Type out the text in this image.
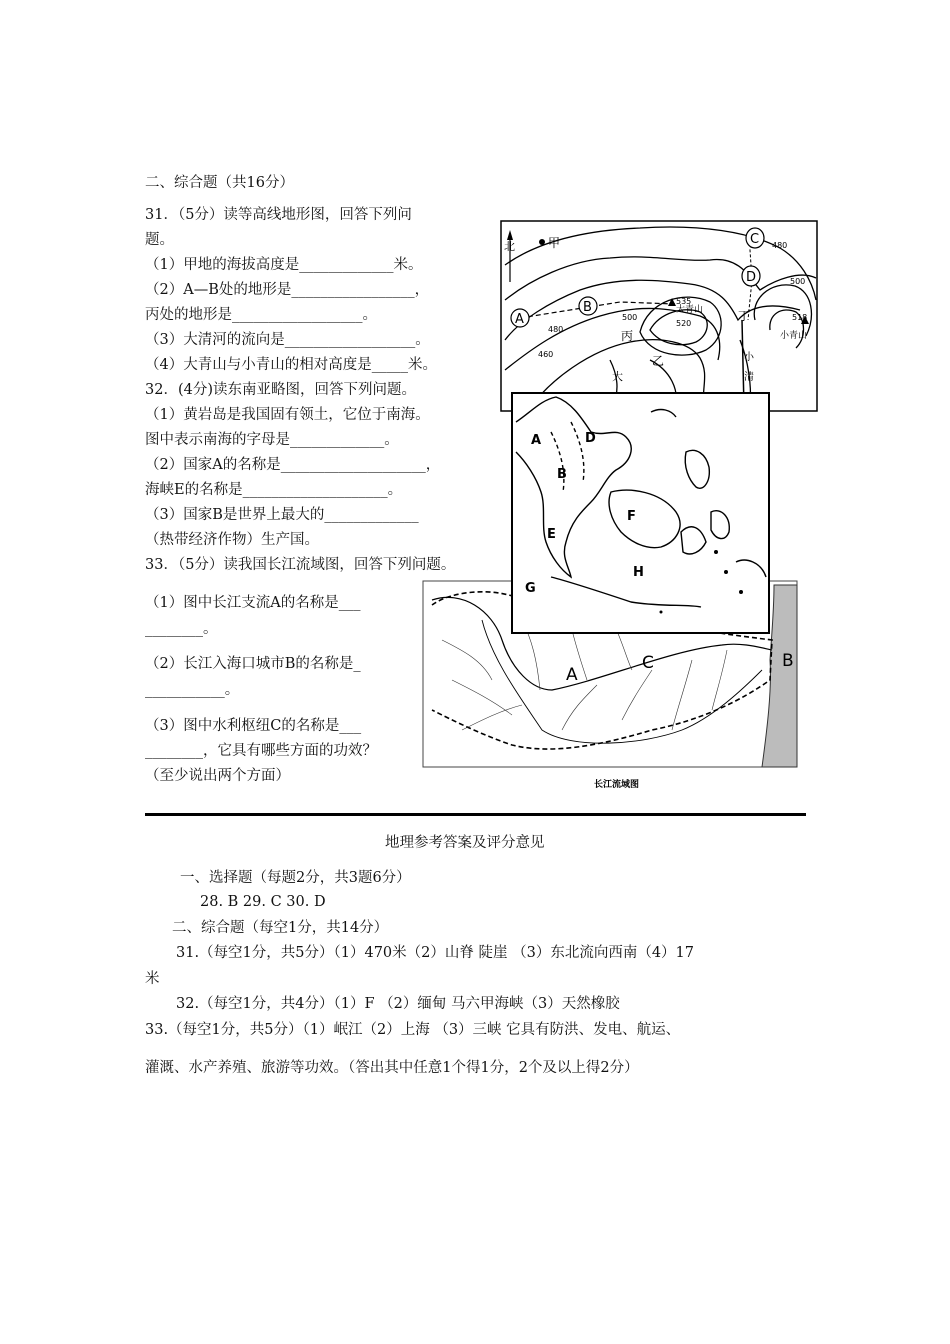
二、综合题（共16分）
31．（5分）读等高线地形图，回答下列问
题。
（1）甲地的海拔高度是_____________米。
（2）A—B处的地形是_________________，
丙处的地形是__________________。
（3）大清河的流向是__________________。
（4）大青山与小青山的相对高度是_____米。
32．(4分)读东南亚略图，回答下列问题。
（1）黄岩岛是我国固有领土，它位于南海。
图中表示南海的字母是_____________。
（2）国家A的名称是____________________，
海峡E的名称是____________________。
（3）国家B是世界上最大的_____________
（热带经济作物）生产国。
33．（5分）读我国长江流域图，回答下列问题。
（1）图中长江支流A的名称是___
________。
（2）长江入海口城市B的名称是_
___________。
（3）图中水利枢纽C的名称是___
________，它具有哪些方面的功效？
（至少说出两个方面）
北	甲
A
B
C
D
丙
乙
丁
大
小
清
大青山
小青山
535
520
500
500
480
480
460
518
A
C	B
长江流域图
A	D
B
E
F
H
G
地理参考答案及评分意见
一、选择题（每题2分，共3题6分）
28. B 29. C 30. D
二、综合题（每空1分，共14分）
31.（每空1分，共5分）（1）470米（2）山脊 陡崖 （3）东北流向西南（4）17
米
32.（每空1分，共4分）（1）F （2）缅甸 马六甲海峡（3）天然橡胶
33.（每空1分，共5分）（1）岷江（2）上海 （3）三峡 它具有防洪、发电、航运、
灌溉、水产养殖、旅游等功效。（答出其中任意1个得1分，2个及以上得2分）
